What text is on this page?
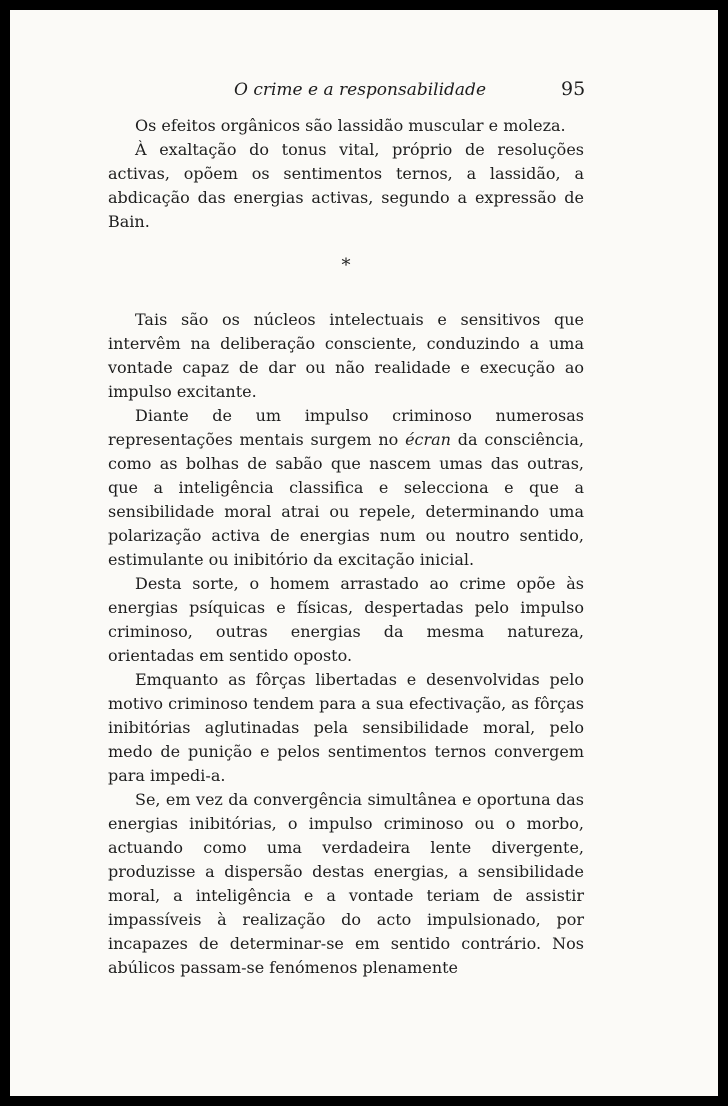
O crime e a responsabilidade	95

Os efeitos orgânicos são lassidão muscular e moleza.

À exaltação do tonus vital, próprio de resoluções activas, opõem os sentimentos ternos, a lassidão, a abdicação das energias activas, segundo a expressão de Bain.

*

Tais são os núcleos intelectuais e sensitivos que intervêm na deliberação consciente, conduzindo a uma vontade capaz de dar ou não realidade e execução ao impulso excitante.

Diante de um impulso criminoso numerosas representações mentais surgem no écran da consciência, como as bolhas de sabão que nascem umas das outras, que a inteligência classifica e selecciona e que a sensibilidade moral atrai ou repele, determinando uma polarização activa de energias num ou noutro sentido, estimulante ou inibitório da excitação inicial.

Desta sorte, o homem arrastado ao crime opõe às energias psíquicas e físicas, despertadas pelo impulso criminoso, outras energias da mesma natureza, orientadas em sentido oposto.

Emquanto as fôrças libertadas e desenvolvidas pelo motivo criminoso tendem para a sua efectivação, as fôrças inibitórias aglutinadas pela sensibilidade moral, pelo medo de punição e pelos sentimentos ternos convergem para impedi-a.

Se, em vez da convergência simultânea e oportuna das energias inibitórias, o impulso criminoso ou o morbo, actuando como uma verdadeira lente divergente, produzisse a dispersão destas energias, a sensibilidade moral, a inteligência e a vontade teriam de assistir impassíveis à realização do acto impulsionado, por incapazes de determinar-se em sentido contrário. Nos abúlicos passam-se fenómenos plenamente
